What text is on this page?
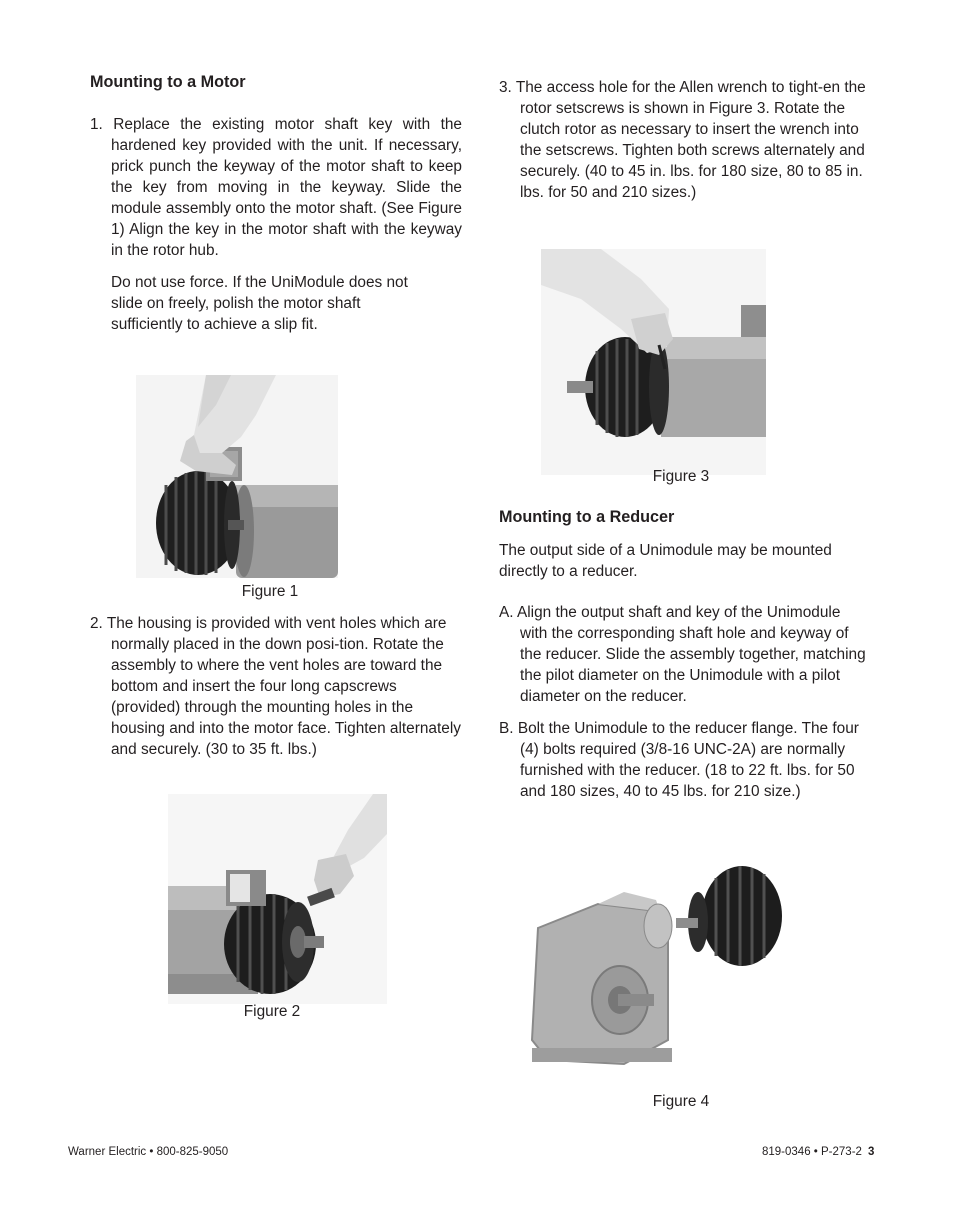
Mounting to a Motor

1. Replace the existing motor shaft key with the hardened key provided with the unit. If necessary, prick punch the keyway of the motor shaft to keep the key from moving in the keyway. Slide the module assembly onto the motor shaft. (See Figure 1) Align the key in the motor shaft with the keyway in the rotor hub.

Do not use force. If the UniModule does not slide on freely, polish the motor shaft sufficiently to achieve a slip fit.

Figure 1

2. The housing is provided with vent holes which are normally placed in the down posi-tion. Rotate the assembly to where the vent holes are toward the bottom and insert the four long capscrews (provided) through the mounting holes in the housing and into the motor face. Tighten alternately and securely. (30 to 35 ft. lbs.)

Figure 2

3. The access hole for the Allen wrench to tight-en the rotor setscrews is shown in Figure 3. Rotate the clutch rotor as necessary to insert the wrench into the setscrews. Tighten both screws alternately and securely. (40 to 45 in. lbs. for 180 size, 80 to 85 in. lbs. for 50 and 210 sizes.)

Figure 3

Mounting to a Reducer

The output side of a Unimodule may be mounted directly to a reducer.

A. Align the output shaft and key of the Unimodule with the corresponding shaft hole and keyway of the reducer. Slide the assembly together, matching the pilot diameter on the Unimodule with a pilot diameter on the reducer.

B. Bolt the Unimodule to the reducer flange. The four (4) bolts required (3/8-16 UNC-2A) are normally furnished with the reducer. (18 to 22 ft. lbs. for 50 and 180 sizes, 40 to 45 lbs. for 210 size.)

Figure 4
Warner Electric • 800-825-9050	819-0346 • P-273-2 3
